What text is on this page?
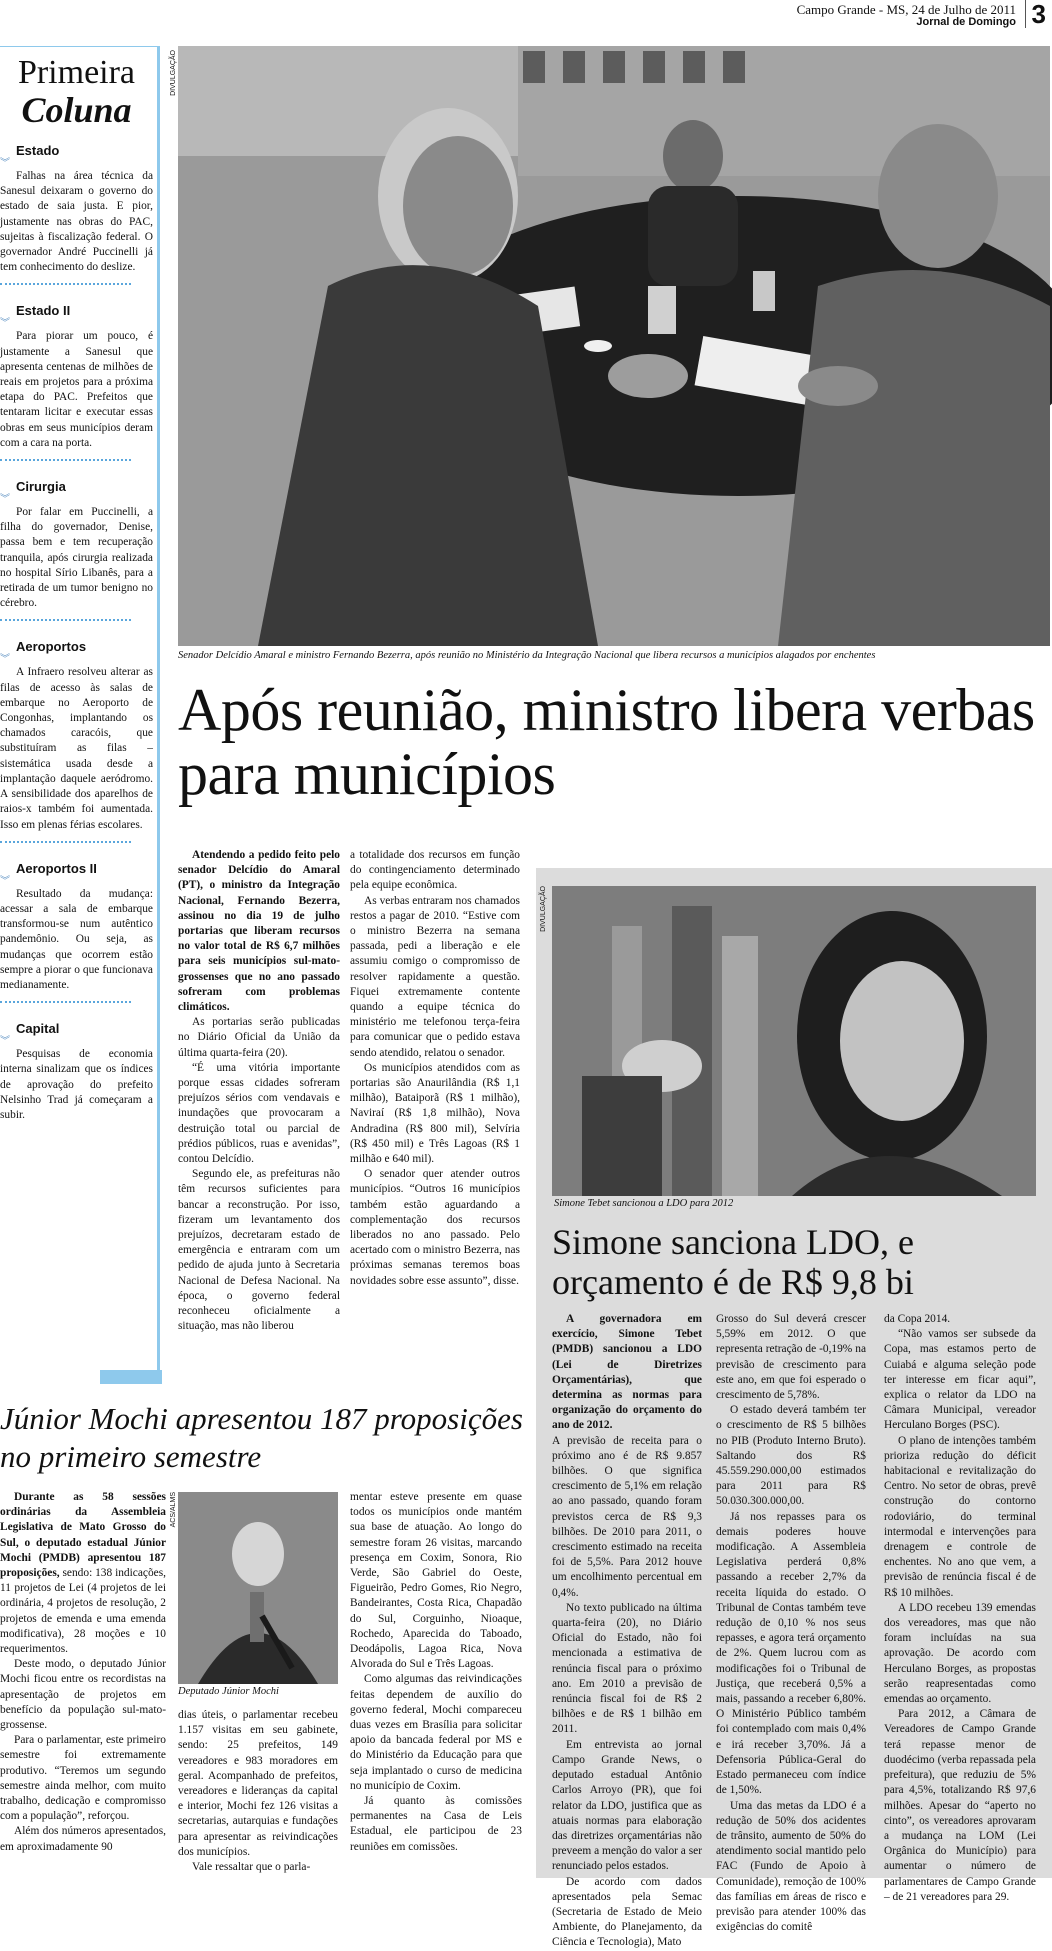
Campo Grande - MS, 24 de Julho de 2011
Jornal de Domingo 3
Primeira
Coluna
Estado
︾
Falhas na área técnica da Sanesul deixaram o governo do estado de saia justa. E pior, justamente nas obras do PAC, sujeitas à fiscalização federal. O governador André Puccinelli já tem conhecimento do deslize.
Estado II
︾
Para piorar um pouco, é justamente a Sanesul que apresenta centenas de milhões de reais em projetos para a próxima etapa do PAC. Prefeitos que tentaram licitar e executar essas obras em seus municípios deram com a cara na porta.
Cirurgia
︾
Por falar em Puccinelli, a filha do governador, Denise, passa bem e tem recuperação tranquila, após cirurgia realizada no hospital Sírio Libanês, para a retirada de um tumor benigno no cérebro.
Aeroportos
︾
A Infraero resolveu alterar as filas de acesso às salas de embarque no Aeroporto de Congonhas, implantando os chamados caracóis, que substituíram as filas – sistemática usada desde a implantação daquele aeródromo. A sensibilidade dos aparelhos de raios-x também foi aumentada. Isso em plenas férias escolares.
Aeroportos II
︾
Resultado da mudança: acessar a sala de embarque transformou-se num autêntico pandemônio. Ou seja, as mudanças que ocorrem estão sempre a piorar o que funcionava medianamente.
Capital
︾
Pesquisas de economia interna sinalizam que os índices de aprovação do prefeito Nelsinho Trad já começaram a subir.
DIVULGAÇÃO
Senador Delcídio Amaral e ministro Fernando Bezerra, após reunião no Ministério da Integração Nacional que libera recursos a municípios alagados por enchentes
Após reunião, ministro libera verbas para municípios

Atendendo a pedido feito pelo senador Delcídio do Amaral (PT), o ministro da Integração Nacional, Fernando Bezerra, assinou no dia 19 de julho portarias que liberam recursos no valor total de R$ 6,7 milhões para seis municípios sul-mato-grossenses que no ano passado sofreram com problemas climáticos.

As portarias serão publicadas no Diário Oficial da União da última quarta-feira (20).

“É uma vitória importante porque essas cidades sofreram prejuízos sérios com vendavais e inundações que provocaram a destruição total ou parcial de prédios públicos, ruas e avenidas”, contou Delcídio.

Segundo ele, as prefeituras não têm recursos suficientes para bancar a reconstrução. Por isso, fizeram um levantamento dos prejuízos, decretaram estado de emergência e entraram com um pedido de ajuda junto à Secretaria Nacional de Defesa Nacional. Na época, o governo federal reconheceu oficialmente a situação, mas não liberou

a totalidade dos recursos em função do contingenciamento determinado pela equipe econômica.

As verbas entraram nos chamados restos a pagar de 2010. “Estive com o ministro Bezerra na semana passada, pedi a liberação e ele assumiu comigo o compromisso de resolver rapidamente a questão. Fiquei extremamente contente quando a equipe técnica do ministério me telefonou terça-feira para comunicar que o pedido estava sendo atendido, relatou o senador.

Os municípios atendidos com as portarias são Anaurilândia (R$ 1,1 milhão), Bataiporã (R$ 1 milhão), Naviraí (R$ 1,8 milhão), Nova Andradina (R$ 800 mil), Selvíria (R$ 450 mil) e Três Lagoas (R$ 1 milhão e 640 mil).

O senador quer atender outros municípios. “Outros 16 municípios também estão aguardando a complementação dos recursos liberados no ano passado. Pelo acertado com o ministro Bezerra, nas próximas semanas teremos boas novidades sobre esse assunto”, disse.

DIVULGAÇÃO
Simone Tebet sancionou a LDO para 2012
Simone sanciona LDO, e orçamento é de R$ 9,8 bi

A governadora em exercício, Simone Tebet (PMDB) sancionou a LDO (Lei de Diretrizes Orçamentárias), que determina as normas para organização do orçamento do ano de 2012.

A previsão de receita para o próximo ano é de R$ 9.857 bilhões. O que significa crescimento de 5,1% em relação ao ano passado, quando foram previstos cerca de R$ 9,3 bilhões. De 2010 para 2011, o crescimento estimado na receita foi de 5,5%. Para 2012 houve um encolhimento percentual em 0,4%.

No texto publicado na última quarta-feira (20), no Diário Oficial do Estado, não foi mencionada a estimativa de renúncia fiscal para o próximo ano. Em 2010 a previsão de renúncia fiscal foi de R$ 2 bilhões e de R$ 1 bilhão em 2011.

Em entrevista ao jornal Campo Grande News, o deputado estadual Antônio Carlos Arroyo (PR), que foi relator da LDO, justifica que as atuais normas para elaboração das diretrizes orçamentárias não preveem a menção do valor a ser renunciado pelos estados.

De acordo com dados apresentados pela Semac (Secretaria de Estado de Meio Ambiente, do Planejamento, da Ciência e Tecnologia), Mato

Grosso do Sul deverá crescer 5,59% em 2012. O que representa retração de -0,19% na previsão de crescimento para este ano, em que foi esperado o crescimento de 5,78%.

O estado deverá também ter o crescimento de R$ 5 bilhões no PIB (Produto Interno Bruto). Saltando dos R$ 45.559.290.000,00 estimados para 2011 para R$ 50.030.300.000,00.

Já nos repasses para os demais poderes houve modificação. A Assembleia Legislativa perderá 0,8% passando a receber 2,7% da receita líquida do estado. O Tribunal de Contas também teve redução de 0,10 % nos seus repasses, e agora terá orçamento de 2%. Quem lucrou com as modificações foi o Tribunal de Justiça, que receberá 0,5% a mais, passando a receber 6,80%. O Ministério Público também foi contemplado com mais 0,4% e irá receber 3,70%. Já a Defensoria Pública-Geral do Estado permaneceu com índice de 1,50%.

Uma das metas da LDO é a redução de 50% dos acidentes de trânsito, aumento de 50% do atendimento social mantido pelo FAC (Fundo de Apoio à Comunidade), remoção de 100% das famílias em áreas de risco e previsão para atender 100% das exigências do comitê

da Copa 2014.

“Não vamos ser subsede da Copa, mas estamos perto de Cuiabá e alguma seleção pode ter interesse em ficar aqui”, explica o relator da LDO na Câmara Municipal, vereador Herculano Borges (PSC).

O plano de intenções também prioriza redução do déficit habitacional e revitalização do Centro. No setor de obras, prevê construção do contorno rodoviário, do terminal intermodal e intervenções para drenagem e controle de enchentes. No ano que vem, a previsão de renúncia fiscal é de R$ 10 milhões.

A LDO recebeu 139 emendas dos vereadores, mas que não foram incluídas na sua aprovação. De acordo com Herculano Borges, as propostas serão reapresentadas como emendas ao orçamento.

Para 2012, a Câmara de Vereadores de Campo Grande terá repasse menor de duodécimo (verba repassada pela prefeitura), que reduziu de 5% para 4,5%, totalizando R$ 97,6 milhões. Apesar do “aperto no cinto”, os vereadores aprovaram a mudança na LOM (Lei Orgânica do Município) para aumentar o número de parlamentares de Campo Grande – de 21 vereadores para 29.

Júnior Mochi apresentou 187 proposições no primeiro semestre

Durante as 58 sessões ordinárias da Assembleia Legislativa de Mato Grosso do Sul, o deputado estadual Júnior Mochi (PMDB) apresentou 187 proposições, sendo: 138 indicações, 11 projetos de Lei (4 projetos de lei ordinária, 4 projetos de resolução, 2 projetos de emenda e uma emenda modificativa), 28 moções e 10 requerimentos.

Deste modo, o deputado Júnior Mochi ficou entre os recordistas na apresentação de projetos em benefício da população sul-mato-grossense.

Para o parlamentar, este primeiro semestre foi extremamente produtivo. “Teremos um segundo semestre ainda melhor, com muito trabalho, dedicação e compromisso com a população”, reforçou.

Além dos números apresentados, em aproximadamente 90

ACS/ALMS
Deputado Júnior Mochi

dias úteis, o parlamentar recebeu 1.157 visitas em seu gabinete, sendo: 25 prefeitos, 149 vereadores e 983 moradores em geral. Acompanhado de prefeitos, vereadores e lideranças da capital e interior, Mochi fez 126 visitas a secretarias, autarquias e fundações para apresentar as reivindicações dos municípios.

Vale ressaltar que o parla-

mentar esteve presente em quase todos os municípios onde mantém sua base de atuação. Ao longo do semestre foram 26 visitas, marcando presença em Coxim, Sonora, Rio Verde, São Gabriel do Oeste, Figueirão, Pedro Gomes, Rio Negro, Bandeirantes, Costa Rica, Chapadão do Sul, Corguinho, Nioaque, Rochedo, Aparecida do Taboado, Deodápolis, Lagoa Rica, Nova Alvorada do Sul e Três Lagoas.

Como algumas das reivindicações feitas dependem de auxílio do governo federal, Mochi compareceu duas vezes em Brasília para solicitar apoio da bancada federal por MS e do Ministério da Educação para que seja implantado o curso de medicina no município de Coxim.

Já quanto às comissões permanentes na Casa de Leis Estadual, ele participou de 23 reuniões em comissões.
